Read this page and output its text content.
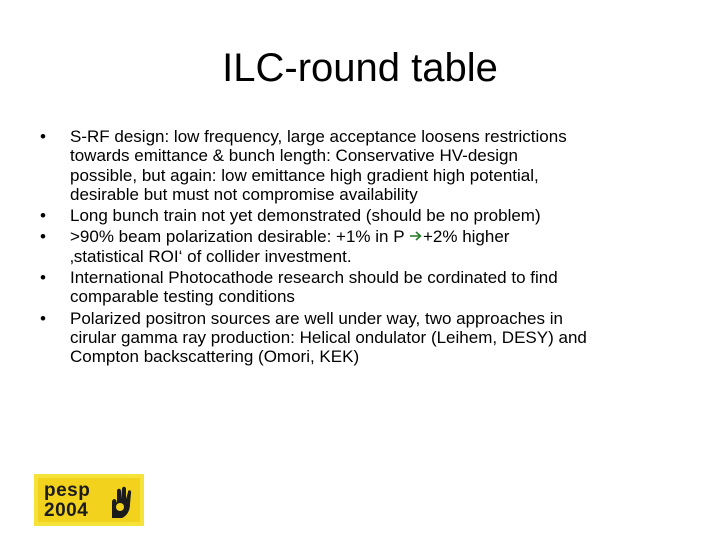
ILC-round table
• S-RF design: low frequency, large acceptance loosens restrictions
towards emittance & bunch length: Conservative HV-design
possible, but again: low emittance high gradient high potential,
desirable but must not compromise availability
• Long bunch train not yet demonstrated (should be no problem)
• >90% beam polarization desirable: +1% in P +2% higher
‚statistical ROI‘ of collider investment.
• International Photocathode research should be cordinated to find
comparable testing conditions
• Polarized positron sources are well under way, two approaches in
cirular gamma ray production: Helical ondulator (Leihem, DESY) and
Compton backscattering (Omori, KEK)
pesp
2004
